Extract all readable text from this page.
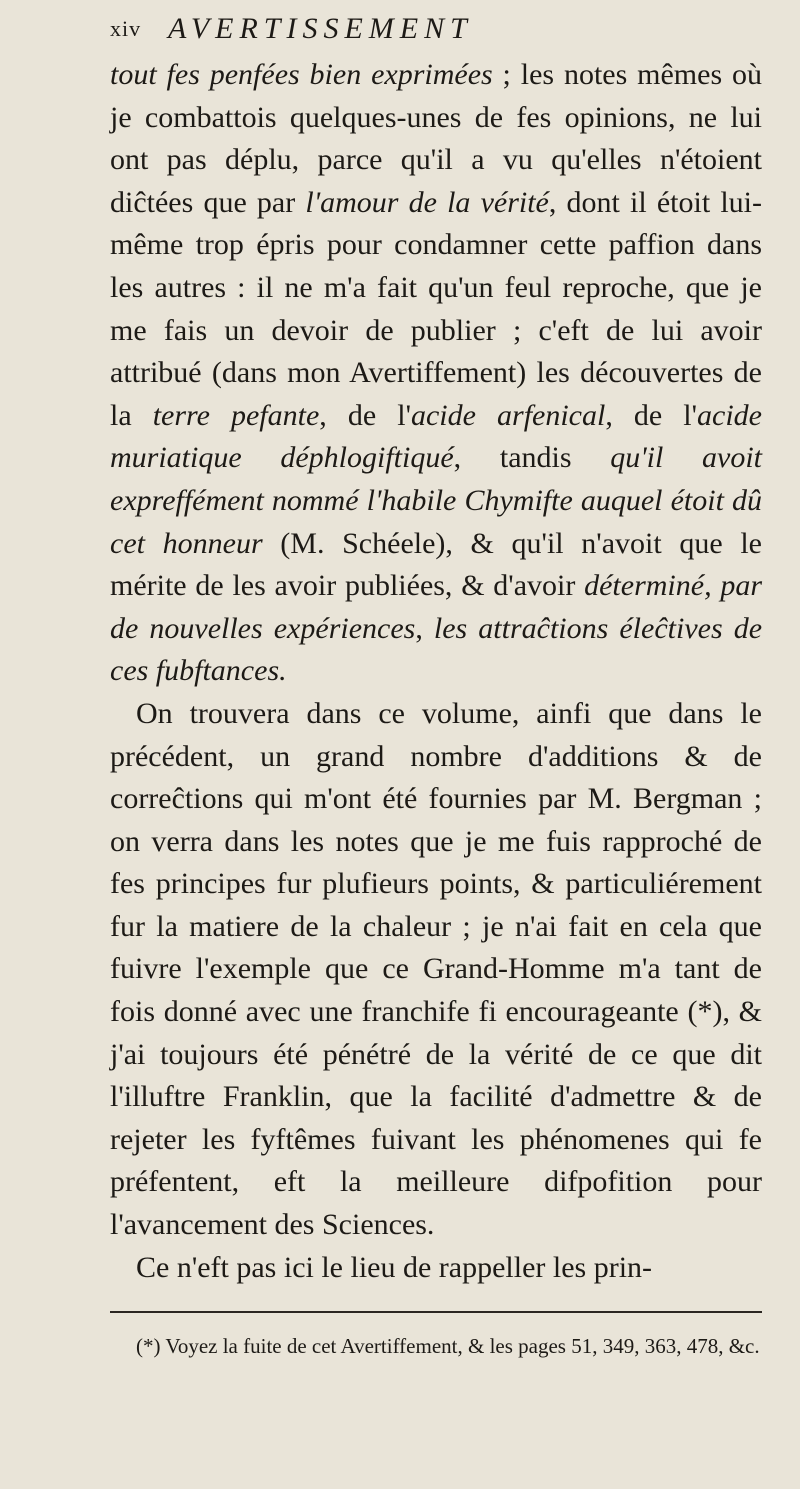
xiv AVERTISSEMENT

tout fes penfées bien exprimées ; les notes mêmes où je combattois quelques-unes de fes opinions, ne lui ont pas déplu, parce qu'il a vu qu'elles n'étoient diĉtées que par l'amour de la vérité, dont il étoit lui-même trop épris pour condamner cette paffion dans les autres : il ne m'a fait qu'un feul reproche, que je me fais un devoir de publier ; c'eft de lui avoir attribué (dans mon Avertiffement) les découvertes de la terre pefante, de l'acide arfenical, de l'acide muriatique déphlogiftiqué, tandis qu'il avoit expreffément nommé l'habile Chymifte auquel étoit dû cet honneur (M. Schéele), & qu'il n'avoit que le mérite de les avoir publiées, & d'avoir déterminé, par de nouvelles expériences, les attraĉtions éleĉtives de ces fubftances.

On trouvera dans ce volume, ainfi que dans le précédent, un grand nombre d'additions & de correĉtions qui m'ont été fournies par M. Bergman ; on verra dans les notes que je me fuis rapproché de fes principes fur plufieurs points, & particuliérement fur la matiere de la chaleur ; je n'ai fait en cela que fuivre l'exemple que ce Grand-Homme m'a tant de fois donné avec une franchife fi encourageante (*), & j'ai toujours été pénétré de la vérité de ce que dit l'illuftre Franklin, que la facilité d'admettre & de rejeter les fyftêmes fuivant les phénomenes qui fe préfentent, eft la meilleure difpofition pour l'avancement des Sciences.

Ce n'eft pas ici le lieu de rappeller les prin-

(*) Voyez la fuite de cet Avertiffement, & les pages 51, 349, 363, 478, &c.
